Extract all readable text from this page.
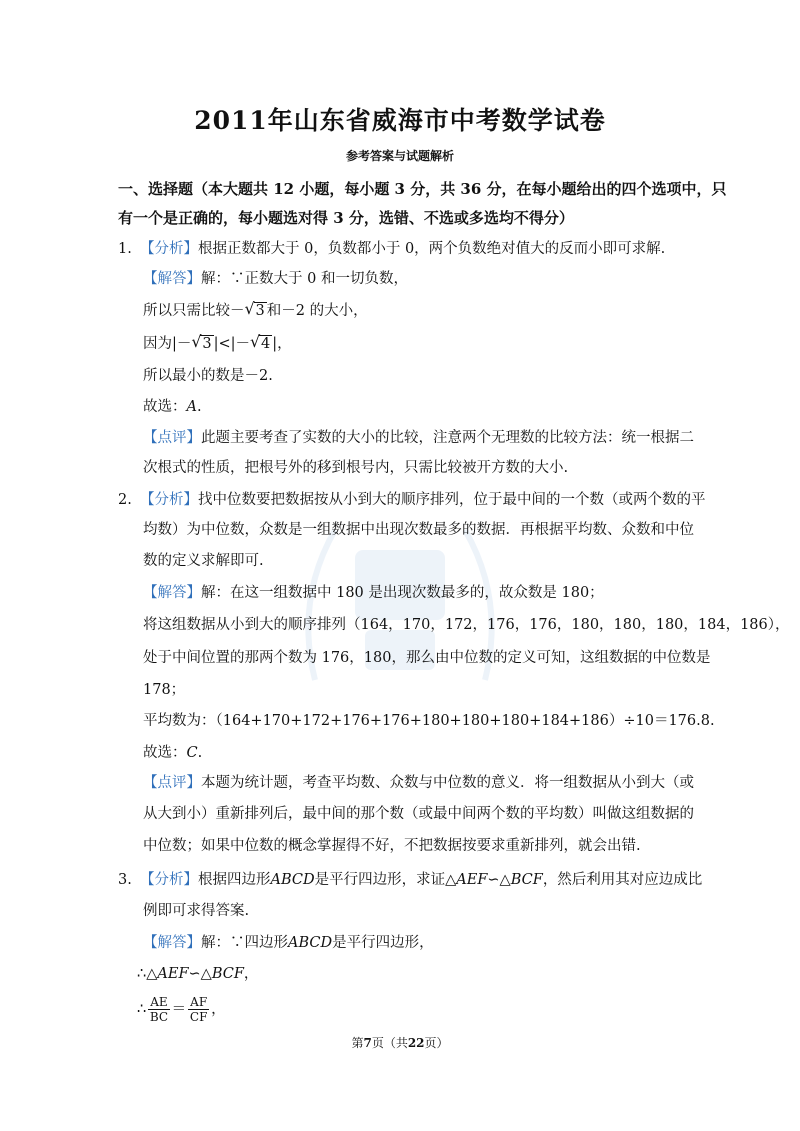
2011年山东省威海市中考数学试卷
参考答案与试题解析
一、选择题（本大题共 12 小题，每小题 3 分，共 36 分，在每小题给出的四个选项中，只
有一个是正确的，每小题选对得 3 分，选错、不选或多选均不得分）
1. 【分析】根据正数都大于 0，负数都小于 0，两个负数绝对值大的反而小即可求解.
【解答】解：∵正数大于 0 和一切负数，
所以只需比较－ √ 3 和－2 的大小，
因为|－ √ 3 |<|－ √ 4 |，
所以最小的数是－2.
故选：A.
【点评】此题主要考查了实数的大小的比较，注意两个无理数的比较方法：统一根据二
次根式的性质，把根号外的移到根号内，只需比较被开方数的大小.
2. 【分析】找中位数要把数据按从小到大的顺序排列，位于最中间的一个数（或两个数的平
均数）为中位数，众数是一组数据中出现次数最多的数据．再根据平均数、众数和中位
数的定义求解即可.
【解答】解：在这一组数据中 180 是出现次数最多的，故众数是 180；
将这组数据从小到大的顺序排列（164，170，172，176，176，180，180，180，184，186），
处于中间位置的那两个数为 176，180，那么由中位数的定义可知，这组数据的中位数是
178；
平均数为：（164+170+172+176+176+180+180+180+184+186）÷10＝176.8.
故选：C.
【点评】本题为统计题，考查平均数、众数与中位数的意义．将一组数据从小到大（或
从大到小）重新排列后，最中间的那个数（或最中间两个数的平均数）叫做这组数据的
中位数；如果中位数的概念掌握得不好，不把数据按要求重新排列，就会出错.
3. 【分析】根据四边形ABCD是平行四边形，求证△AEF∽△BCF，然后利用其对应边成比
例即可求得答案.
【解答】解：∵四边形ABCD是平行四边形，
∴△AEF∽△BCF，
∴ $\frac{AE}{BC} = \frac{AF}{CF}$ ，
第7页（共22页）
